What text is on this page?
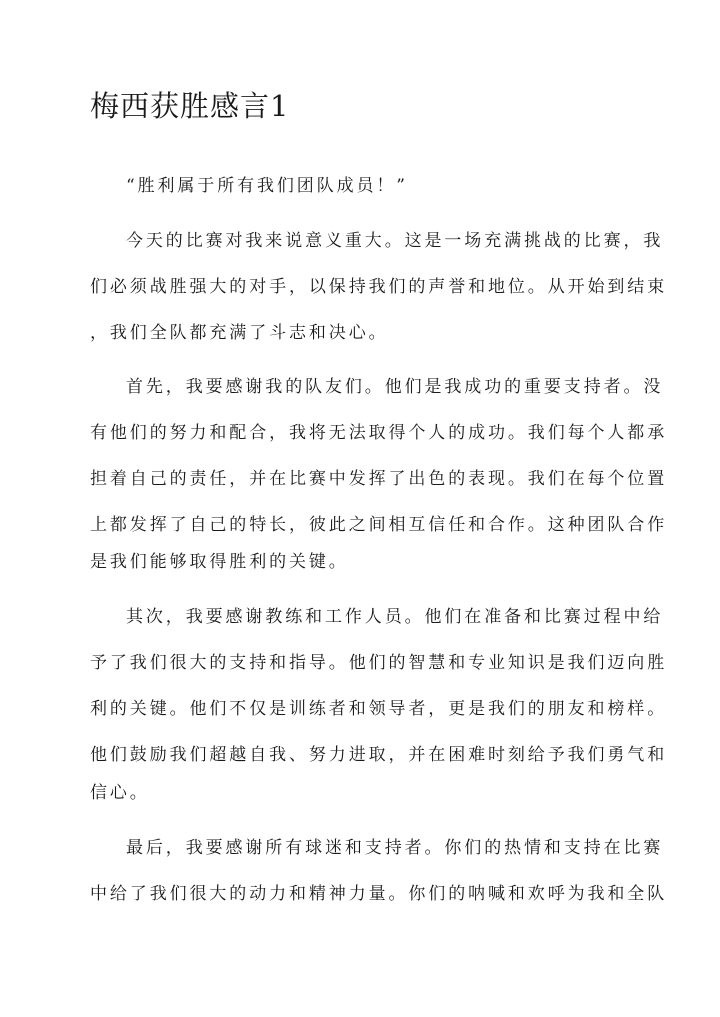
梅西获胜感言1

“胜利属于所有我们团队成员！”

今天的比赛对我来说意义重大。这是一场充满挑战的比赛，我

们必须战胜强大的对手，以保持我们的声誉和地位。从开始到结束

，我们全队都充满了斗志和决心。

首先，我要感谢我的队友们。他们是我成功的重要支持者。没

有他们的努力和配合，我将无法取得个人的成功。我们每个人都承

担着自己的责任，并在比赛中发挥了出色的表现。我们在每个位置

上都发挥了自己的特长，彼此之间相互信任和合作。这种团队合作

是我们能够取得胜利的关键。

其次，我要感谢教练和工作人员。他们在准备和比赛过程中给

予了我们很大的支持和指导。他们的智慧和专业知识是我们迈向胜

利的关键。他们不仅是训练者和领导者，更是我们的朋友和榜样。

他们鼓励我们超越自我、努力进取，并在困难时刻给予我们勇气和

信心。

最后，我要感谢所有球迷和支持者。你们的热情和支持在比赛

中给了我们很大的动力和精神力量。你们的呐喊和欢呼为我和全队
